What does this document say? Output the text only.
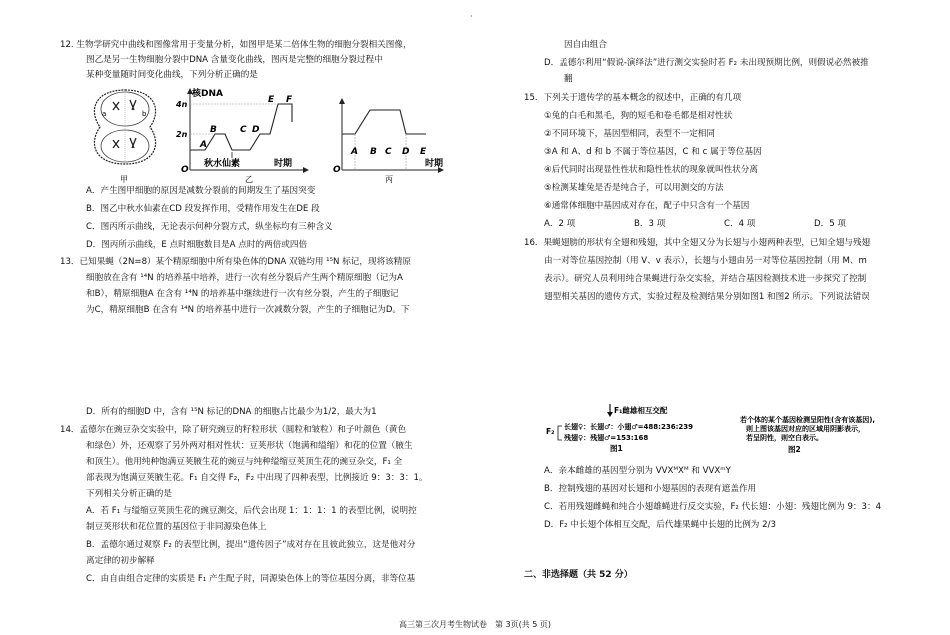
·
12. 生物学研究中曲线和图像常用于变量分析，如图甲是某二倍体生物的细胞分裂相关图像，
图乙是另一生物细胞分裂中DNA 含量变化曲线，图丙是完整的细胞分裂过程中
某种变量随时间变化曲线，下列分析正确的是
a	b
核DNA
4n
2n
O
A
B	C D
E F
秋水仙素	时期
O
A B C D E
时期
甲	乙	丙
A．产生图甲细胞的原因是减数分裂前的间期发生了基因突变
B．图乙中秋水仙素在CD 段发挥作用，受精作用发生在DE 段
C．图丙所示曲线，无论表示何种分裂方式，纵坐标均有三种含义
D．图丙所示曲线，E 点时细胞数目是A 点时的两倍或四倍
13．已知果蝇（2N=8）某个精原细胞中所有染色体的DNA 双链均用 ¹⁵N 标记，现将该精原
细胞放在含有 ¹⁴N 的培养基中培养，进行一次有丝分裂后产生两个精原细胞（记为A
和B），精原细胞A 在含有 ¹⁴N 的培养基中继续进行一次有丝分裂，产生的子细胞记
为C，精原细胞B 在含有 ¹⁴N 的培养基中进行一次减数分裂，产生的子细胞记为D。下
D．所有的细胞D 中，含有 ¹⁵N 标记的DNA 的细胞占比最少为1/2，最大为1
14．孟德尔在豌豆杂交实验中，除了研究豌豆的籽粒形状（圆粒和皱粒）和子叶颜色（黄色
和绿色）外，还观察了另外两对相对性状：豆荚形状（饱满和缢缩）和花的位置（腋生
和顶生）。他用纯种饱满豆荚腋生花的豌豆与纯种缢缩豆荚顶生花的豌豆杂交，F₁ 全
部表现为饱满豆荚腋生花。F₁ 自交得 F₂，F₂ 中出现了四种表型，比例接近 9：3：3：1。
下列相关分析正确的是
A．若 F₁ 与缢缩豆荚顶生花的豌豆测交，后代会出现 1：1：1：1 的表型比例，说明控
制豆荚形状和花位置的基因位于非同源染色体上
B．孟德尔通过观察 F₂ 的表型比例，提出“遗传因子”成对存在且彼此独立，这是他对分
离定律的初步解释
C．由自由组合定律的实质是 F₁ 产生配子时，同源染色体上的等位基因分离，非等位基
因自由组合
D．孟德尔利用“假说-演绎法”进行测交实验时若 F₂ 未出现预期比例，则假说必然被推
翻
15．下列关于遗传学的基本概念的叙述中，正确的有几项
①兔的白毛和黑毛，狗的短毛和卷毛都是相对性状
②不同环境下，基因型相同，表型不一定相同
③A 和 A、d 和 b 不属于等位基因，C 和 c 属于等位基因
④后代同时出现显性性状和隐性性状的现象就叫性状分离
⑤检测某雄兔是否是纯合子，可以用测交的方法
⑥通常体细胞中基因成对存在，配子中只含有一个基因
A．2 项	B．3 项	C．4 项	D．5 项
16．果蝇翅膀的形状有全翅和残翅，其中全翅又分为长翅与小翅两种表型，已知全翅与残翅
由一对等位基因控制（用 V、v 表示），长翅与小翅由另一对等位基因控制（用 M、m
表示）。研究人员利用纯合果蝇进行杂交实验，并结合基因检测技术进一步探究了控制
翅型相关基因的遗传方式，实验过程及检测结果分别如图1 和图2 所示。下列说法错误
F₁雌雄相互交配
F₂ 长翅♀：长翅♂：小翅♂=488:236:239
残翅♀：残翅♂=153:168
图1
若个体的某个基因检测呈阳性(含有该基因),
则上图该基因对应的区域用阴影表示，
若呈阴性，则空白表示。
图2
A．亲本雌雄的基因型分别为 VVXᴹXᴹ 和 VVXᵐY
B．控制残翅的基因对长翅和小翅基因的表现有遮盖作用
C．若用残翅雌蝇和纯合小翅雄蝇进行反交实验，F₂ 代长翅：小翅：残翅比例为 9：3：4
D．F₂ 中长翅个体相互交配，后代雄果蝇中长翅的比例为 2/3
二、非选择题（共 52 分）
高三第三次月考生物试卷　第 3页(共 5 页)
